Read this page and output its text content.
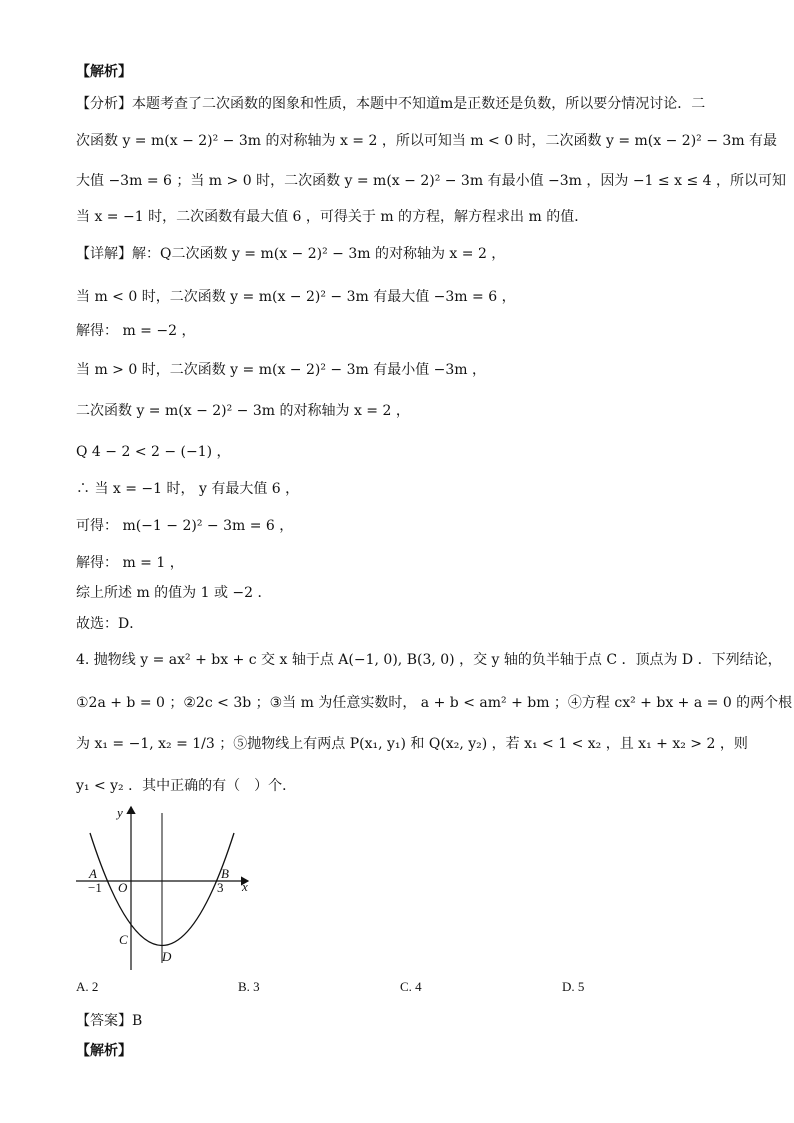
【解析】
【分析】本题考查了二次函数的图象和性质，本题中不知道m是正数还是负数，所以要分情况讨论．二
次函数 y = m(x − 2)² − 3m 的对称轴为 x = 2 ，所以可知当 m < 0 时，二次函数 y = m(x − 2)² − 3m 有最
大值 −3m = 6 ；当 m > 0 时，二次函数 y = m(x − 2)² − 3m 有最小值 −3m ，因为 −1 ≤ x ≤ 4 ，所以可知
当 x = −1 时，二次函数有最大值 6 ，可得关于 m 的方程，解方程求出 m 的值．
【详解】解：Q二次函数 y = m(x − 2)² − 3m 的对称轴为 x = 2 ，
当 m < 0 时，二次函数 y = m(x − 2)² − 3m 有最大值 −3m = 6 ，
解得： m = −2 ，
当 m > 0 时，二次函数 y = m(x − 2)² − 3m 有最小值 −3m ，
二次函数 y = m(x − 2)² − 3m 的对称轴为 x = 2 ，
Q 4 − 2 < 2 − (−1) ，
∴ 当 x = −1 时， y 有最大值 6 ，
可得： m(−1 − 2)² − 3m = 6 ，
解得： m = 1 ，
综上所述 m 的值为 1 或 −2 ．
故选：D．
4. 抛物线 y = ax² + bx + c 交 x 轴于点 A(−1, 0), B(3, 0) ，交 y 轴的负半轴于点 C ．顶点为 D ．下列结论，
①2a + b = 0 ；②2c < 3b ；③当 m 为任意实数时， a + b < am² + bm ；④方程 cx² + bx + a = 0 的两个根
为 x₁ = −1, x₂ = 1/3 ；⑤抛物线上有两点 P(x₁, y₁) 和 Q(x₂, y₂) ，若 x₁ < 1 < x₂ ，且 x₁ + x₂ > 2 ，则
y₁ < y₂ ．其中正确的有（　）个．
【答案】B
【解析】
A. 2	B. 3	C. 4	D. 5
y
x
A	B
C
D
O
−1	3
